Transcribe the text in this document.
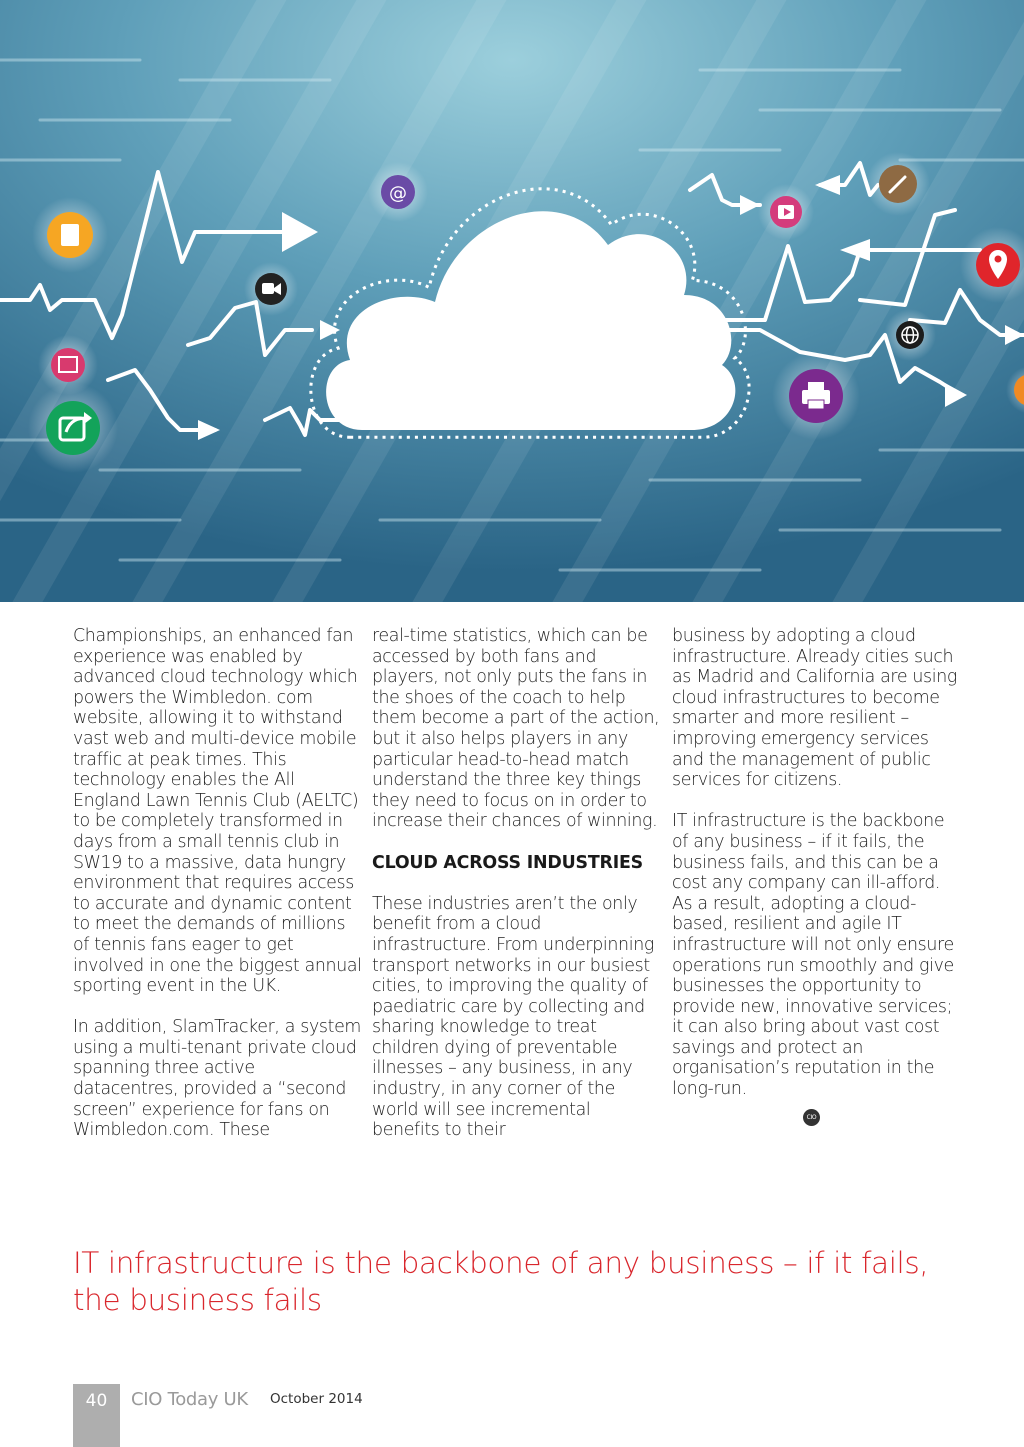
@

Championships, an enhanced fan experience was enabled by advanced cloud technology which powers the Wimbledon. com website, allowing it to withstand vast web and multi-device mobile traffic at peak times. This technology enables the All England Lawn Tennis Club (AELTC) to be completely transformed in days from a small tennis club in SW19 to a massive, data hungry environment that requires access to accurate and dynamic content to meet the demands of millions of tennis fans eager to get involved in one the biggest annual sporting event in the UK.

In addition, SlamTracker, a system using a multi-tenant private cloud spanning three active datacentres, provided a “second screen” experience for fans on Wimbledon.com. These

real-time statistics, which can be accessed by both fans and players, not only puts the fans in the shoes of the coach to help them become a part of the action, but it also helps players in any particular head-to-head match understand the three key things they need to focus on in order to increase their chances of winning.

CLOUD ACROSS INDUSTRIES

These industries aren’t the only benefit from a cloud infrastructure. From underpinning transport networks in our busiest cities, to improving the quality of paediatric care by collecting and sharing knowledge to treat children dying of preventable illnesses – any business, in any industry, in any corner of the world will see incremental benefits to their

business by adopting a cloud infrastructure. Already cities such as Madrid and California are using cloud infrastructures to become smarter and more resilient – improving emergency services and the management of public services for citizens.

IT infrastructure is the backbone of any business – if it fails, the business fails, and this can be a cost any company can ill-afford. As a result, adopting a cloud-based, resilient and agile IT infrastructure will not only ensure operations run smoothly and give businesses the opportunity to provide new, innovative services; it can also bring about vast cost savings and protect an organisation’s reputation in the long-run.

CIO
IT infrastructure is the backbone of any business – if it fails, the business fails
40	CIO Today UK October 2014
